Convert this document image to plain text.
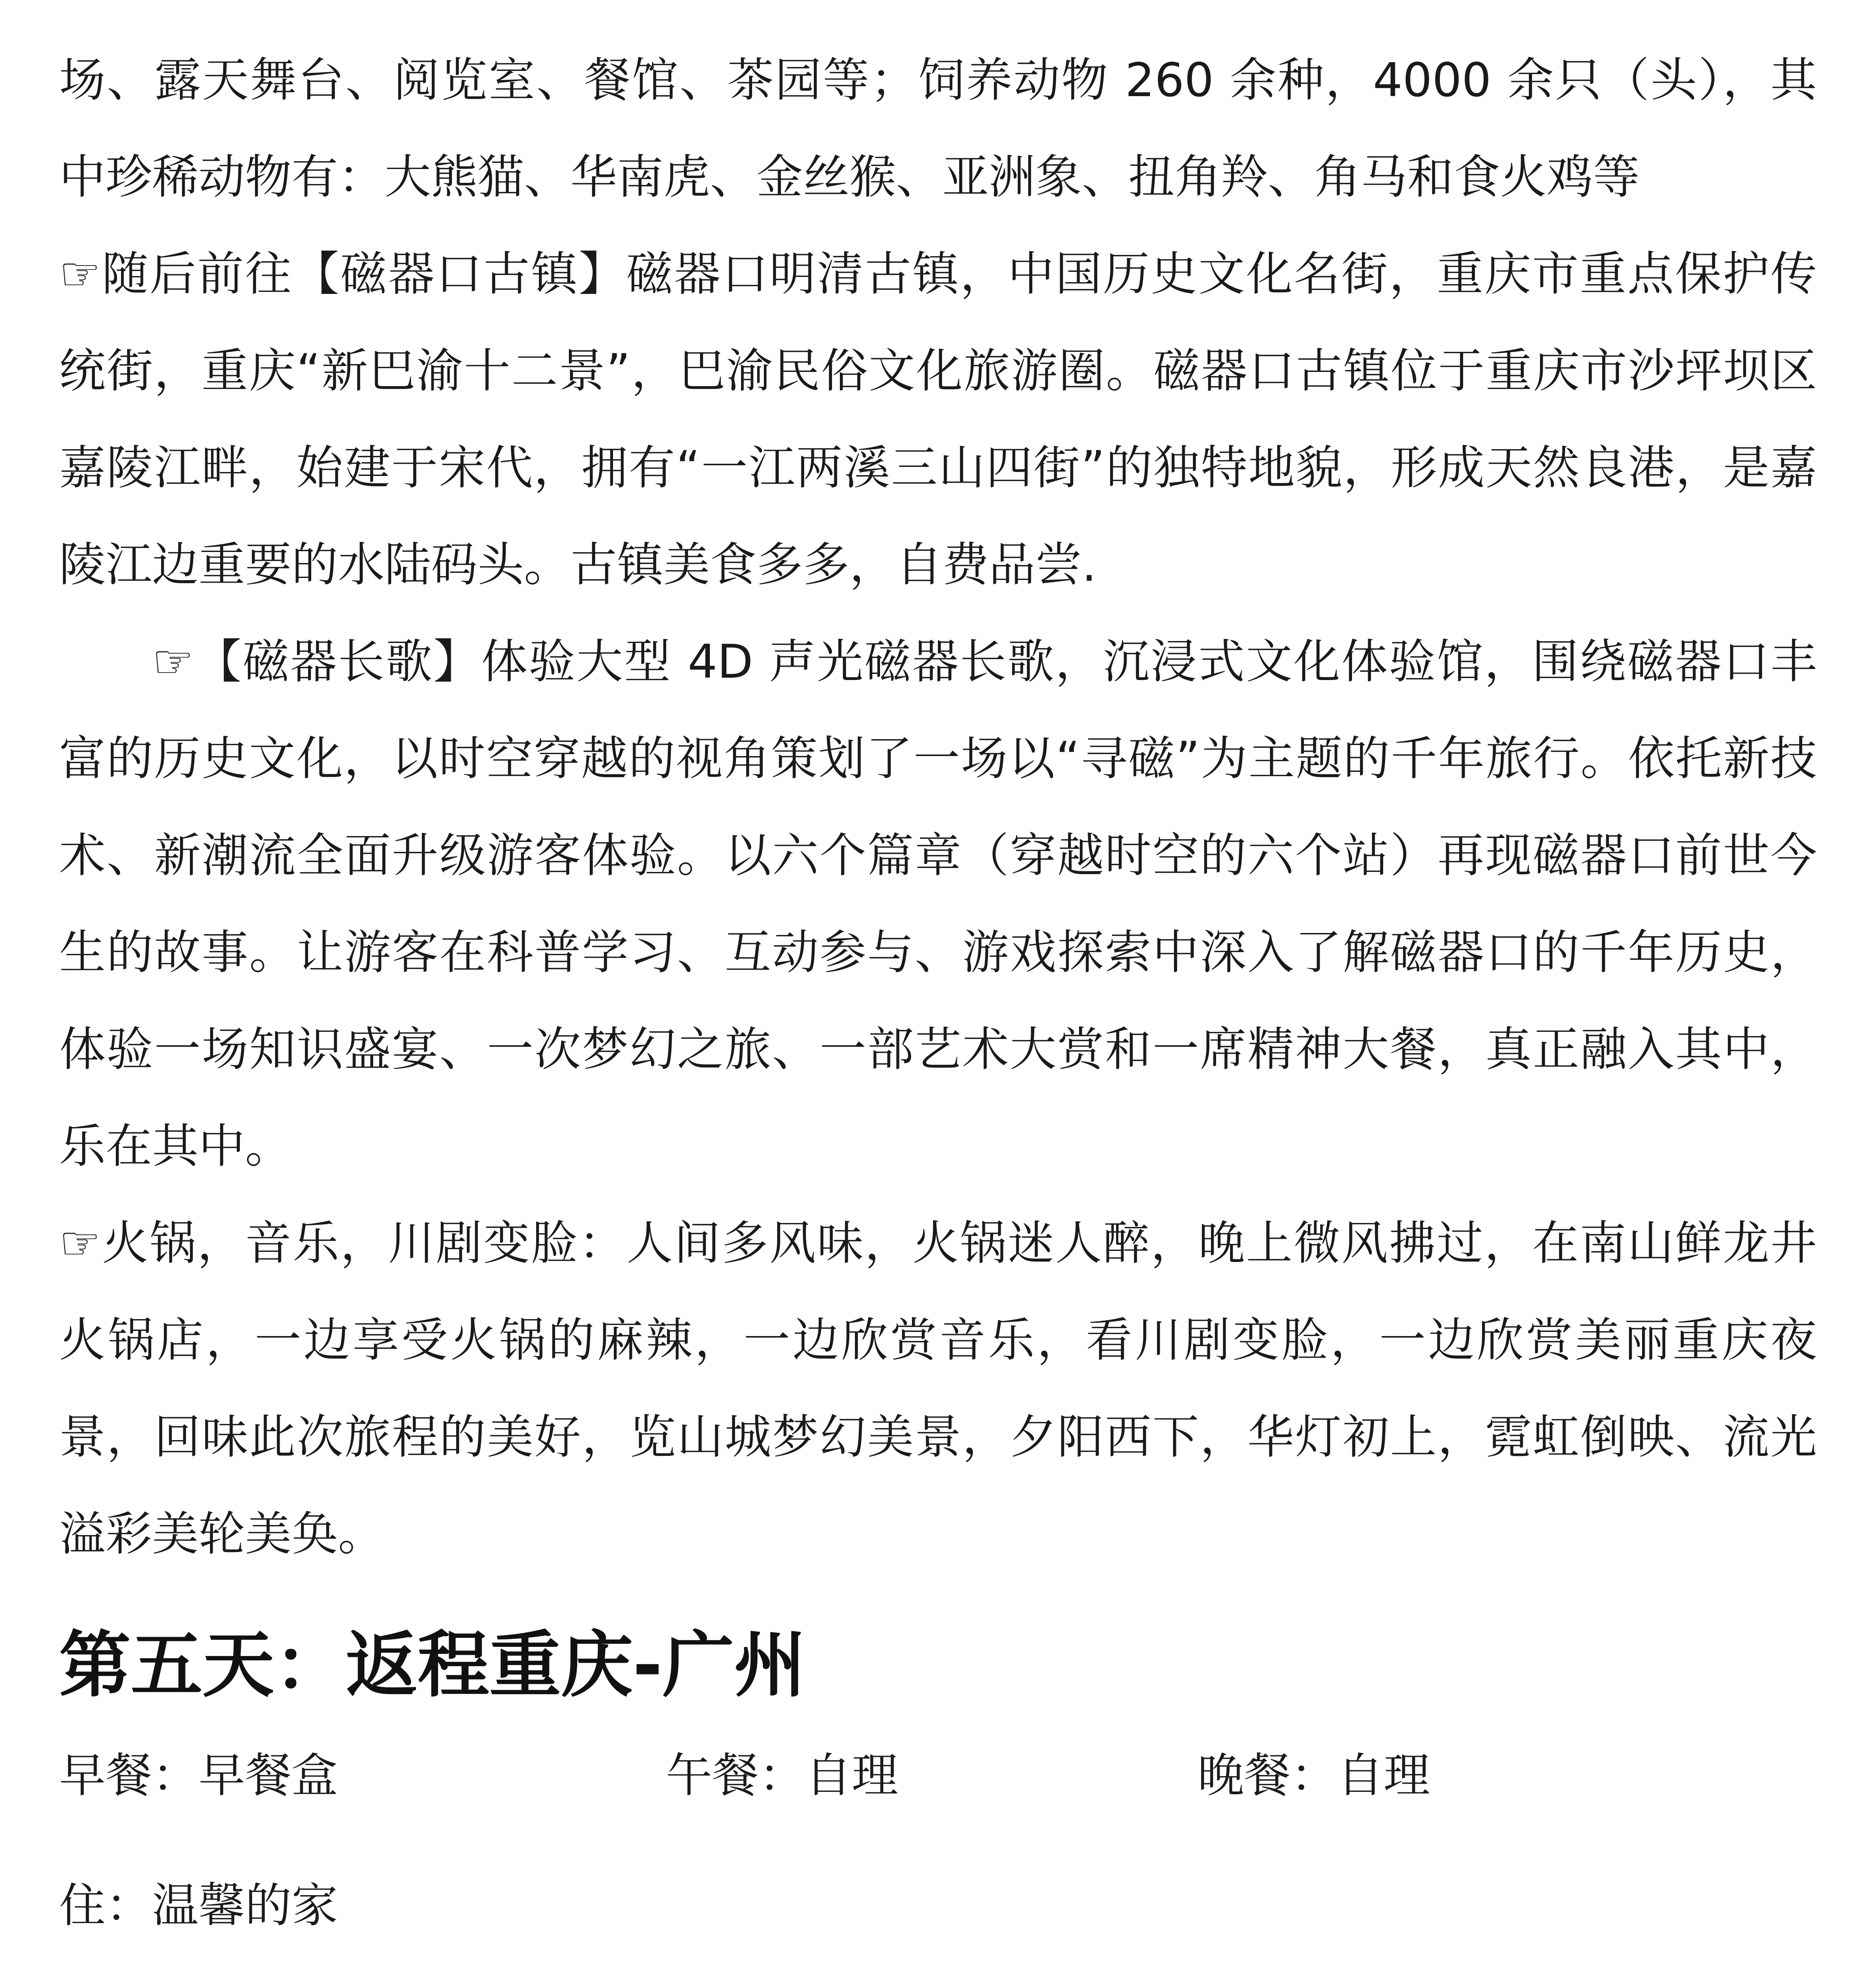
场、露天舞台、阅览室、餐馆、茶园等；饲养动物 260 余种，4000 余只（头），其中珍稀动物有：大熊猫、华南虎、金丝猴、亚洲象、扭角羚、角马和食火鸡等

☞随后前往【磁器口古镇】磁器口明清古镇，中国历史文化名街，重庆市重点保护传统街，重庆“新巴渝十二景”，巴渝民俗文化旅游圈。磁器口古镇位于重庆市沙坪坝区嘉陵江畔，始建于宋代，拥有“一江两溪三山四街”的独特地貌，形成天然良港，是嘉陵江边重要的水陆码头。古镇美食多多，自费品尝.

☞【磁器长歌】体验大型 4D 声光磁器长歌，沉浸式文化体验馆，围绕磁器口丰富的历史文化，以时空穿越的视角策划了一场以“寻磁”为主题的千年旅行。依托新技术、新潮流全面升级游客体验。以六个篇章（穿越时空的六个站）再现磁器口前世今生的故事。让游客在科普学习、互动参与、游戏探索中深入了解磁器口的千年历史，体验一场知识盛宴、一次梦幻之旅、一部艺术大赏和一席精神大餐，真正融入其中，乐在其中。

☞火锅，音乐，川剧变脸：人间多风味，火锅迷人醉，晚上微风拂过，在南山鲜龙井火锅店，一边享受火锅的麻辣，一边欣赏音乐，看川剧变脸，一边欣赏美丽重庆夜景，回味此次旅程的美好，览山城梦幻美景，夕阳西下，华灯初上，霓虹倒映、流光溢彩美轮美奂。

第五天：返程重庆-广州
早餐：早餐盒	午餐：自理	晚餐：自理
住：温馨的家
